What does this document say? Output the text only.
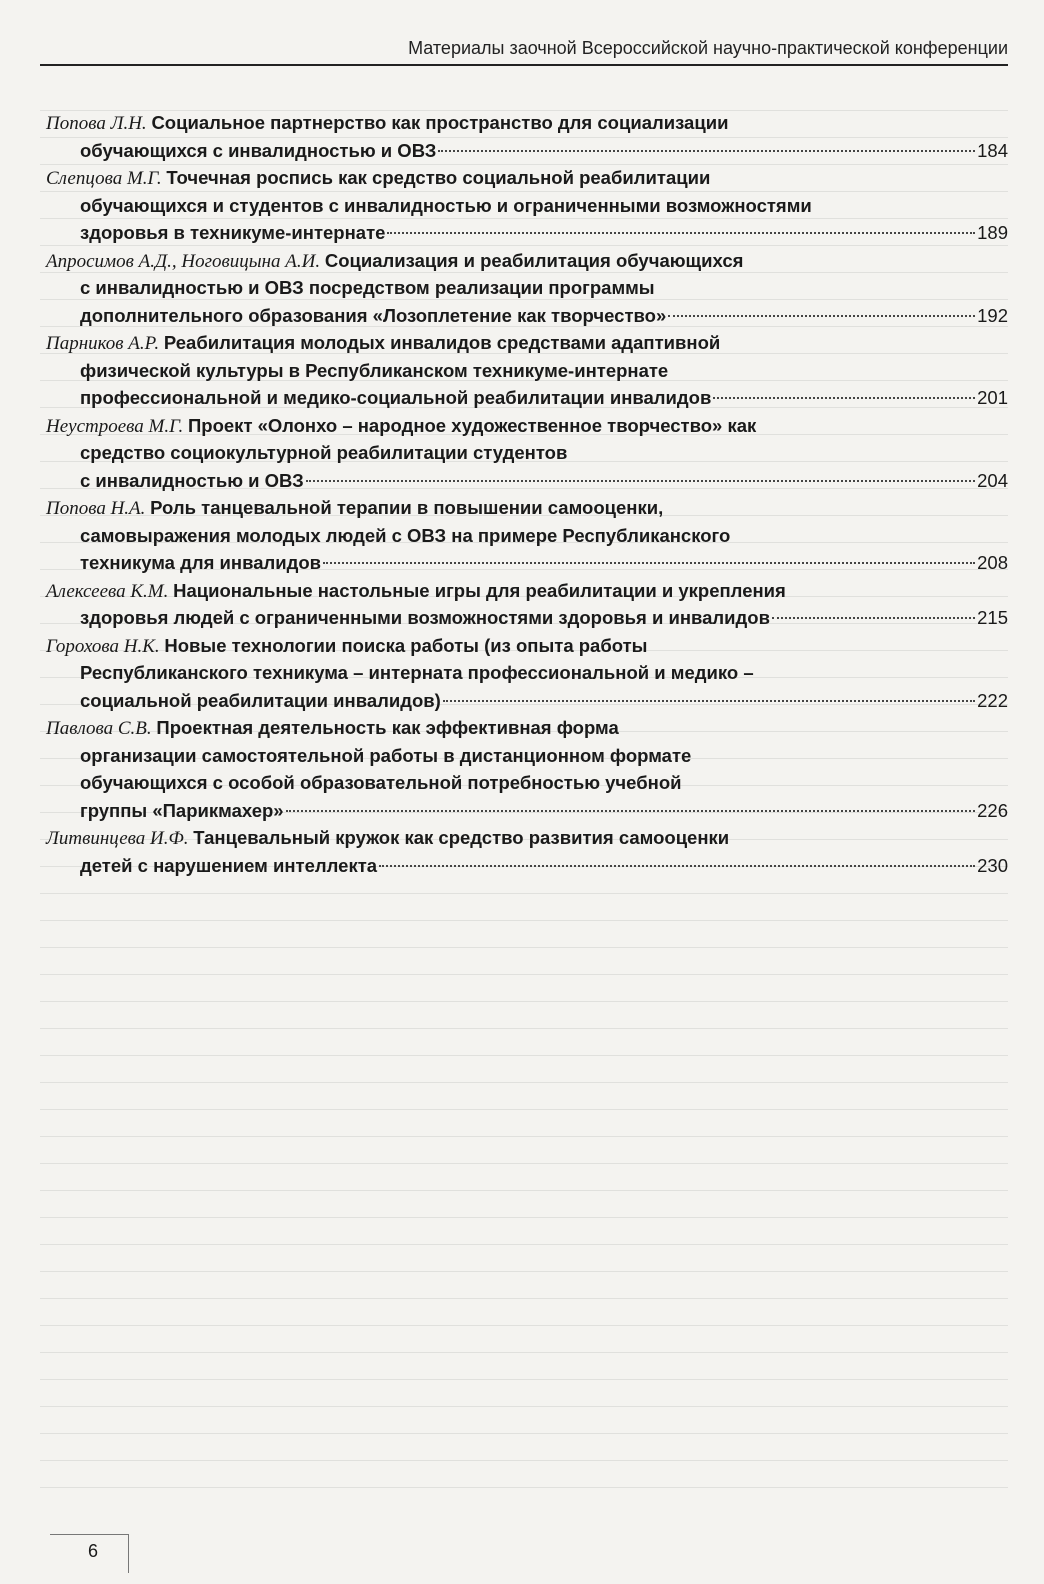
Материалы заочной Всероссийской научно-практической конференции
Попова Л.Н. Социальное партнерство как пространство для социализации
обучающихся с инвалидностью и ОВЗ	184
Слепцова М.Г. Точечная роспись как средство социальной реабилитации
обучающихся и студентов с инвалидностью и ограниченными возможностями
здоровья в техникуме-интернате	189
Апросимов А.Д., Ноговицына А.И. Социализация и реабилитация обучающихся
с инвалидностью и ОВЗ посредством реализации программы
дополнительного образования «Лозоплетение как творчество»	192
Парников А.Р. Реабилитация молодых инвалидов средствами адаптивной
физической культуры в Республиканском техникуме-интернате
профессиональной и медико-социальной реабилитации инвалидов	201
Неустроева М.Г. Проект «Олонхо – народное художественное творчество» как
средство социокультурной реабилитации студентов
с инвалидностью и ОВЗ	204
Попова Н.А. Роль танцевальной терапии в повышении самооценки,
самовыражения молодых людей с ОВЗ на примере Республиканского
техникума для инвалидов	208
Алексеева К.М. Национальные настольные игры для реабилитации и укрепления
здоровья людей с ограниченными возможностями здоровья и инвалидов	215
Горохова Н.К. Новые технологии поиска работы (из опыта работы
Республиканского техникума – интерната профессиональной и медико –
социальной реабилитации инвалидов)	222
Павлова С.В. Проектная деятельность как эффективная форма
организации самостоятельной работы в дистанционном формате
обучающихся с особой образовательной потребностью учебной
группы «Парикмахер»	226
Литвинцева И.Ф. Танцевальный кружок как средство развития самооценки
детей с нарушением интеллекта	230
6
